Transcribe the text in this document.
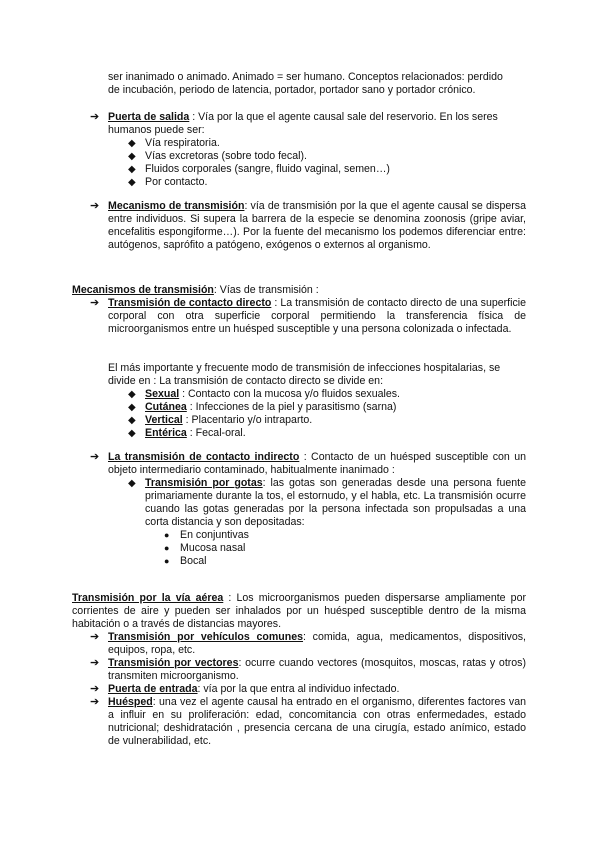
ser inanimado o animado. Animado = ser humano. Conceptos relacionados: perdido

de incubación, periodo de latencia, portador, portador sano y portador crónico.

➔ Puerta de salida : Vía por la que el agente causal sale del reservorio. En los seres

humanos puede ser:

◆ Vía respiratoria.
◆ Vías excretoras (sobre todo fecal).
◆ Fluidos corporales (sangre, fluido vaginal, semen…)
◆ Por contacto.
➔ Mecanismo de transmisión: vía de transmisión por la que el agente causal se dispersa entre individuos. Si supera la barrera de la especie se denomina zoonosis (gripe aviar, encefalitis espongiforme…). Por la fuente del mecanismo los podemos diferenciar entre: autógenos, saprófito a patógeno, exógenos o externos al organismo.

Mecanismos de transmisión: Vías de transmisión :

➔ Transmisión de contacto directo : La transmisión de contacto directo de una superficie corporal con otra superficie corporal permitiendo la transferencia física de microorganismos entre un huésped susceptible y una persona colonizada o infectada.

El más importante y frecuente modo de transmisión de infecciones hospitalarias, se divide en : La transmisión de contacto directo se divide en:

◆ Sexual : Contacto con la mucosa y/o fluidos sexuales.

◆ Cutánea : Infecciones de la piel y parasitismo (sarna)

◆ Vertical : Placentario y/o intraparto.

◆ Entérica : Fecal-oral.

➔ La transmisión de contacto indirecto : Contacto de un huésped susceptible con un objeto intermediario contaminado, habitualmente inanimado :

◆ Transmisión por gotas: las gotas son generadas desde una persona fuente primariamente durante la tos, el estornudo, y el habla, etc. La transmisión ocurre cuando las gotas generadas por la persona infectada son propulsadas a una corta distancia y son depositadas:

● En conjuntivas
● Mucosa nasal
● Bocal

Transmisión por la vía aérea : Los microorganismos pueden dispersarse ampliamente por corrientes de aire y pueden ser inhalados por un huésped susceptible dentro de la misma habitación o a través de distancias mayores.

➔ Transmisión por vehículos comunes: comida, agua, medicamentos, dispositivos, equipos, ropa, etc.

➔ Transmisión por vectores: ocurre cuando vectores (mosquitos, moscas, ratas y otros) transmiten microorganismo.

➔ Puerta de entrada: vía por la que entra al individuo infectado.

➔ Huésped: una vez el agente causal ha entrado en el organismo, diferentes factores van a influir en su proliferación: edad, concomitancia con otras enfermedades, estado nutricional; deshidratación , presencia cercana de una cirugía, estado anímico, estado de vulnerabilidad, etc.
